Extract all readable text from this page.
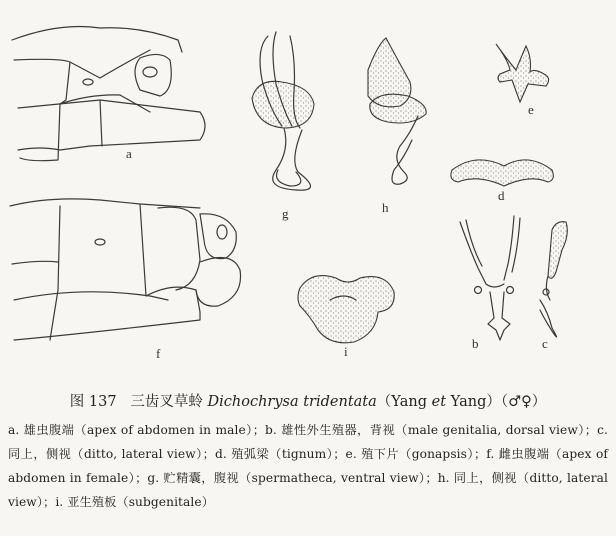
a
g	h
e
d
f	i
b	c

图 137 三齿叉草蛉 Dichochrysa tridentata（Yang et Yang）（♂♀）

a. 雄虫腹端（apex of abdomen in male）；b. 雄性外生殖器，背视（male genitalia, dorsal view）；c. 同上，侧视（ditto, lateral view）；d. 殖弧梁（tignum）；e. 殖下片（gonapsis）；f. 雌虫腹端（apex of abdomen in female）；g. 贮精囊，腹视（spermatheca, ventral view）；h. 同上，侧视（ditto, lateral view）；i. 亚生殖板（subgenitale）
